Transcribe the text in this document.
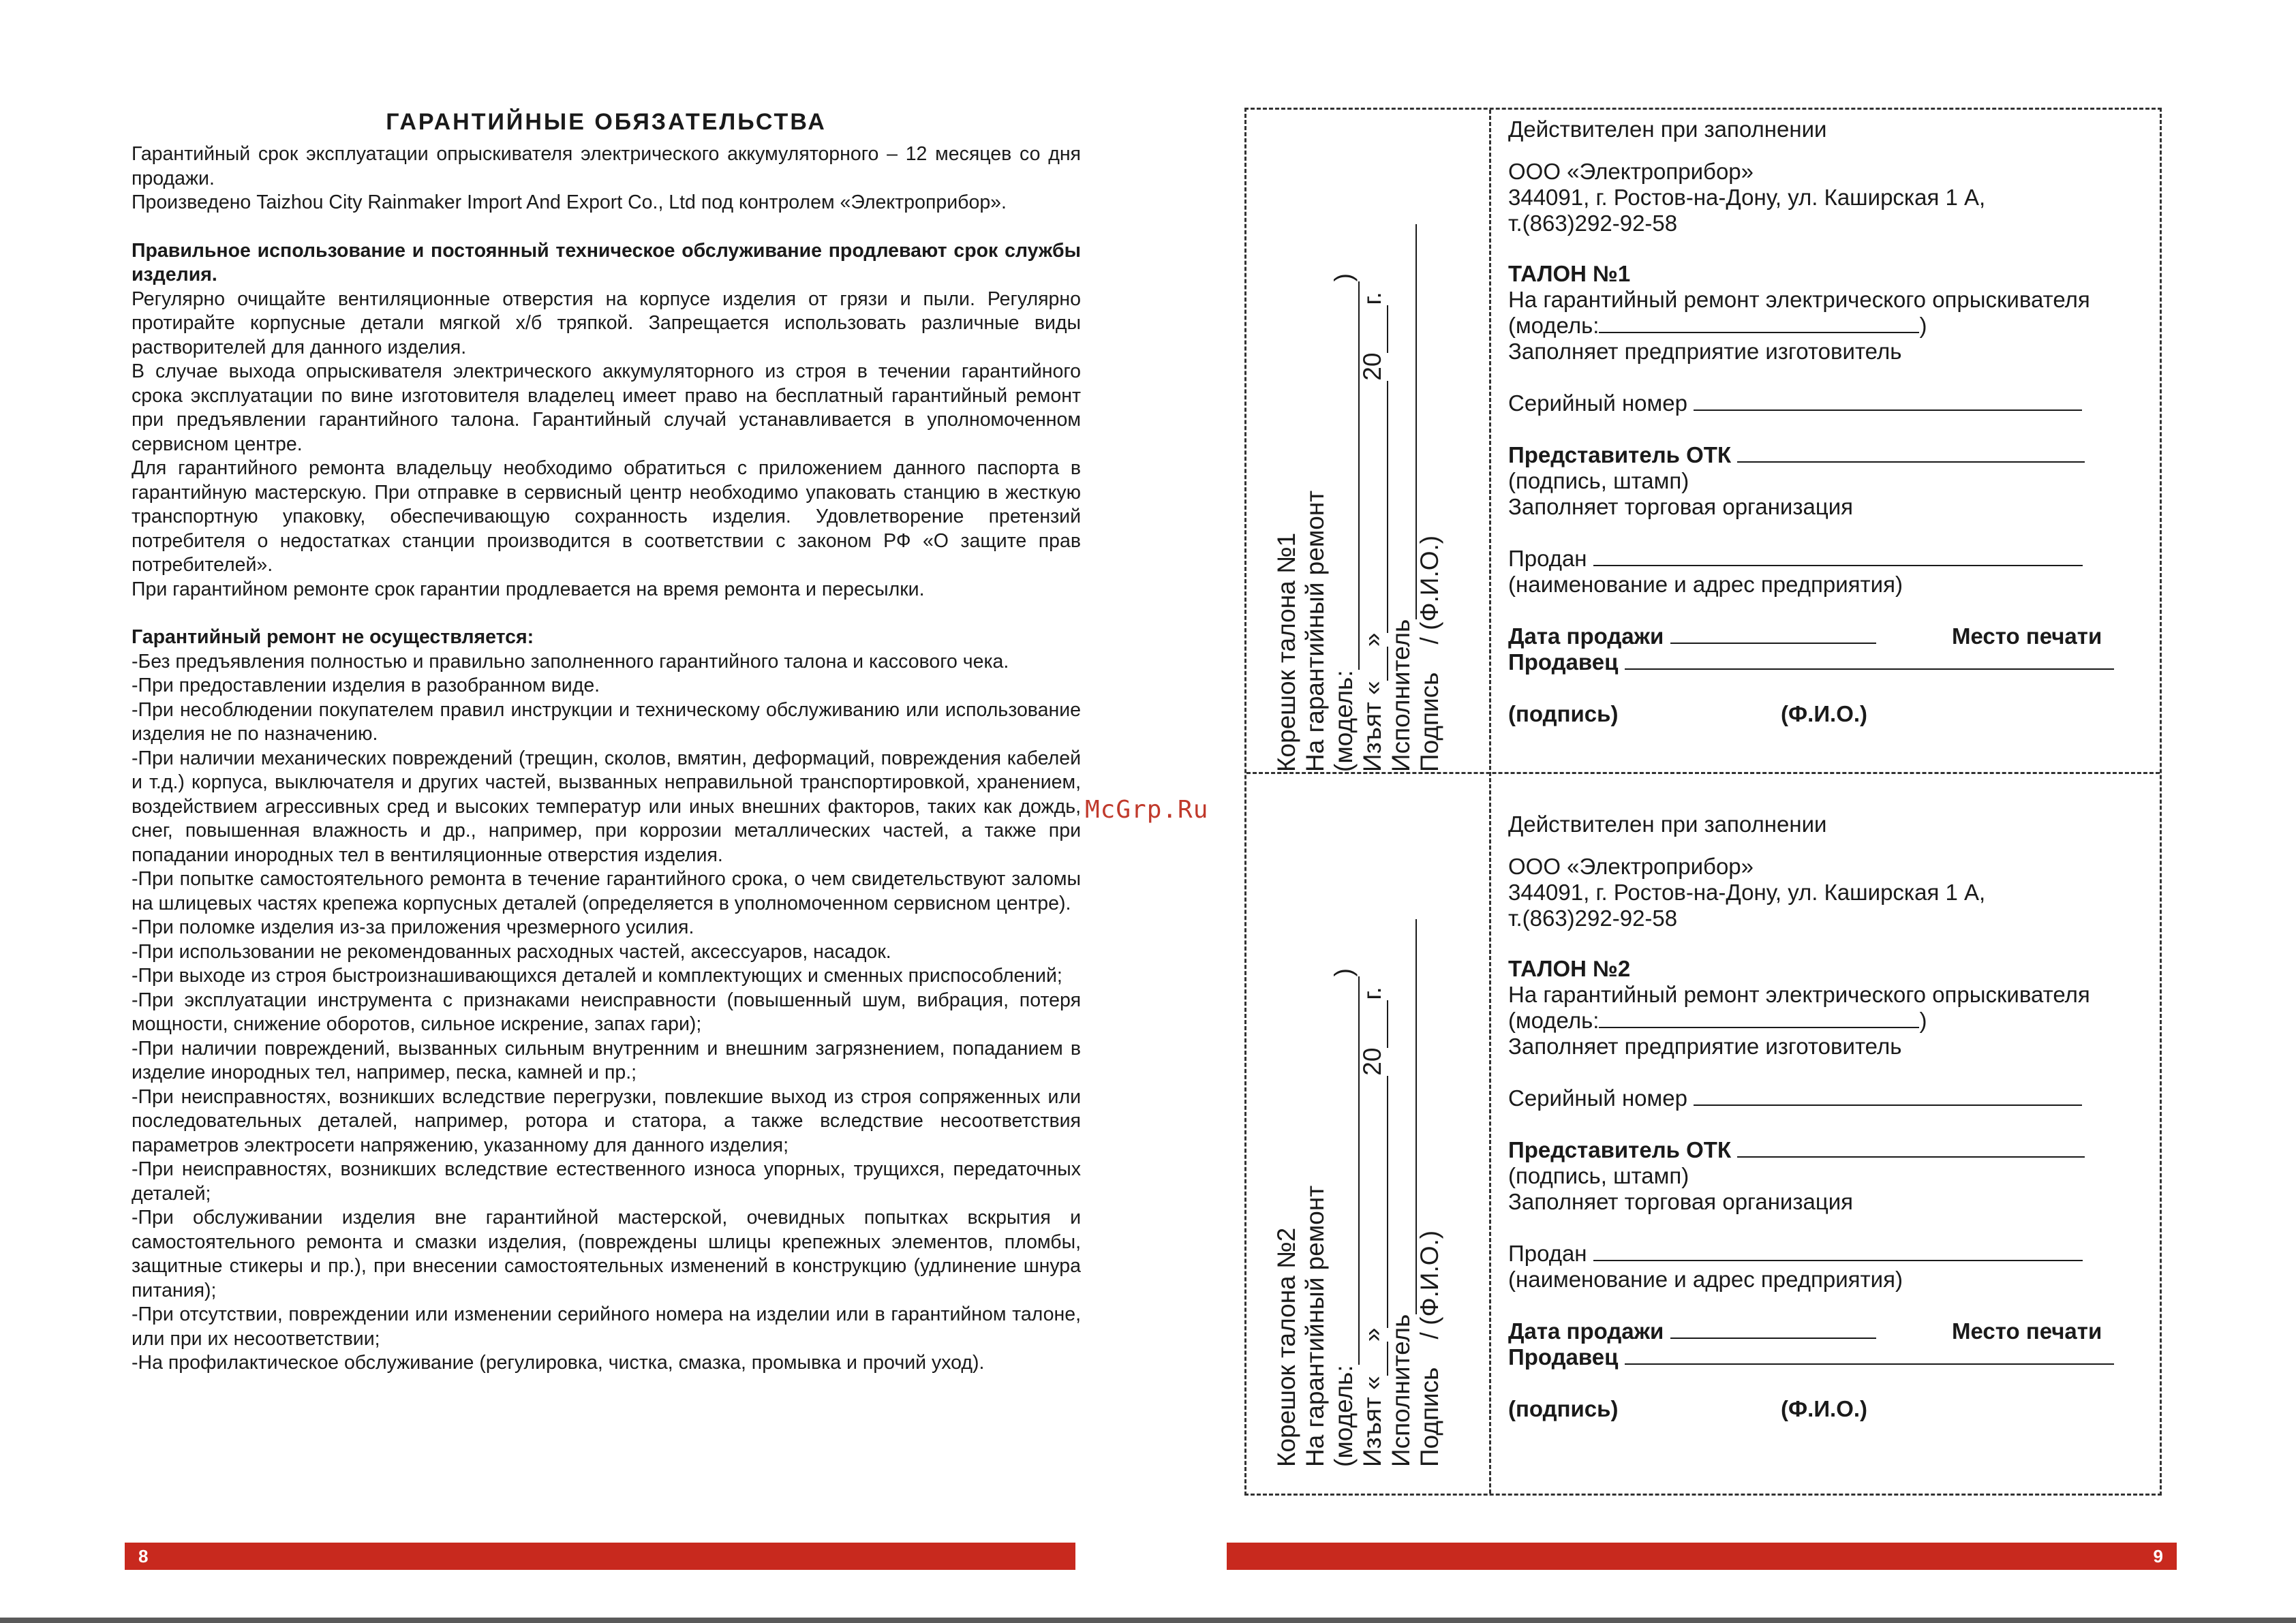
ГАРАНТИЙНЫЕ ОБЯЗАТЕЛЬСТВА

Гарантийный срок эксплуатации опрыскивателя электрического аккумуляторного – 12 месяцев со дня продажи.

Произведено Taizhou City Rainmaker Import And Export Co., Ltd под контролем «Электроприбор».

Правильное использование и постоянный техническое обслуживание продлевают срок службы изделия.

Регулярно очищайте вентиляционные отверстия на корпусе изделия от грязи и пыли. Регулярно протирайте корпусные детали мягкой х/б тряпкой. Запрещается использовать различные виды растворителей для данного изделия.

В случае выхода опрыскивателя электрического аккумуляторного из строя в течении гарантийного срока эксплуатации по вине изготовителя владелец имеет право на бесплатный гарантийный ремонт при предъявлении гарантийного талона. Гарантийный случай устанавливается в уполномоченном сервисном центре.

Для гарантийного ремонта владельцу необходимо обратиться с приложением данного паспорта в гарантийную мастерскую. При отправке в сервисный центр необходимо упаковать станцию в жесткую транспортную упаковку, обеспечивающую сохранность изделия. Удовлетворение претензий потребителя о недостатках станции производится в соответствии с законом РФ «О защите прав потребителей».

При гарантийном ремонте срок гарантии продлевается на время ремонта и пересылки.

Гарантийный ремонт не осуществляется:

-Без предъявления полностью и правильно заполненного гарантийного талона и кассового чека.

-При предоставлении изделия в разобранном виде.

-При несоблюдении покупателем правил инструкции и техническому обслуживанию или использование изделия не по назначению.

-При наличии механических повреждений (трещин, сколов, вмятин, деформаций, повреждения кабелей и т.д.) корпуса, выключателя и других частей, вызванных неправильной транспортировкой, хранением, воздействием агрессивных сред и высоких температур или иных внешних факторов, таких как дождь, снег, повышенная влажность и др., например, при коррозии металлических частей, а также при попадании инородных тел в вентиляционные отверстия изделия.

-При попытке самостоятельного ремонта в течение гарантийного срока, о чем свидетельствуют заломы на шлицевых частях крепежа корпусных деталей (определяется в уполномоченном сервисном центре).

-При поломке изделия из-за приложения чрезмерного усилия.

-При использовании не рекомендованных расходных частей, аксессуаров, насадок.

-При выходе из строя быстроизнашивающихся деталей и комплектующих и сменных приспособлений;

-При эксплуатации инструмента с признаками неисправности (повышенный шум, вибрация, потеря мощности, снижение оборотов, сильное искрение, запах гари);

-При наличии повреждений, вызванных сильным внутренним и внешним загрязнением, попаданием в изделие инородных тел, например, песка, камней и пр.;

-При неисправностях, возникших вследствие перегрузки, повлекшие выход из строя сопряженных или последовательных деталей, например, ротора и статора, а также вследствие несоответствия параметров электросети напряжению, указанному для данного изделия;

-При неисправностях, возникших вследствие естественного износа упорных, трущихся, передаточных деталей;

-При обслуживании изделия вне гарантийной мастерской, очевидных попытках вскрытия и самостоятельного ремонта и смазки изделия, (повреждены шлицы крепежных элементов, пломбы, защитные стикеры и пр.), при внесении самостоятельных изменений в конструкцию (удлинение шнура питания);

-При отсутствии, повреждении или изменении серийного номера на изделии или в гарантийном талоне, или при их несоответствии;

-На профилактическое обслуживание (регулировка, чистка, смазка, промывка и прочий уход).

McGrp.Ru
Корешок талона №1 На гарантийный ремонт (модель: )
Изъят « » 20 г.
Исполнитель Подпись    / (Ф.И.О.)
Действителен при заполнении
ООО «Электроприбор»
344091, г. Ростов-на-Дону, ул. Каширская 1 А,
т.(863)292-92-58
ТАЛОН №1
На гарантийный ремонт электрического опрыскивателя
(модель:	)
Заполняет предприятие изготовитель
Серийный номер
Представитель ОТК
(подпись, штамп)
Заполняет торговая организация
Продан
(наименование и адрес предприятия)
Дата продажи	Место печати
Продавец
(подпись)	(Ф.И.О.)
Корешок талона №2 На гарантийный ремонт (модель: )
Изъят « » 20 г.
Исполнитель Подпись    / (Ф.И.О.)
Действителен при заполнении
ООО «Электроприбор»
344091, г. Ростов-на-Дону, ул. Каширская 1 А,
т.(863)292-92-58
ТАЛОН №2
На гарантийный ремонт электрического опрыскивателя
(модель:	)
Заполняет предприятие изготовитель
Серийный номер
Представитель ОТК
(подпись, штамп)
Заполняет торговая организация
Продан
(наименование и адрес предприятия)
Дата продажи	Место печати
Продавец
(подпись)	(Ф.И.О.)
8	9
